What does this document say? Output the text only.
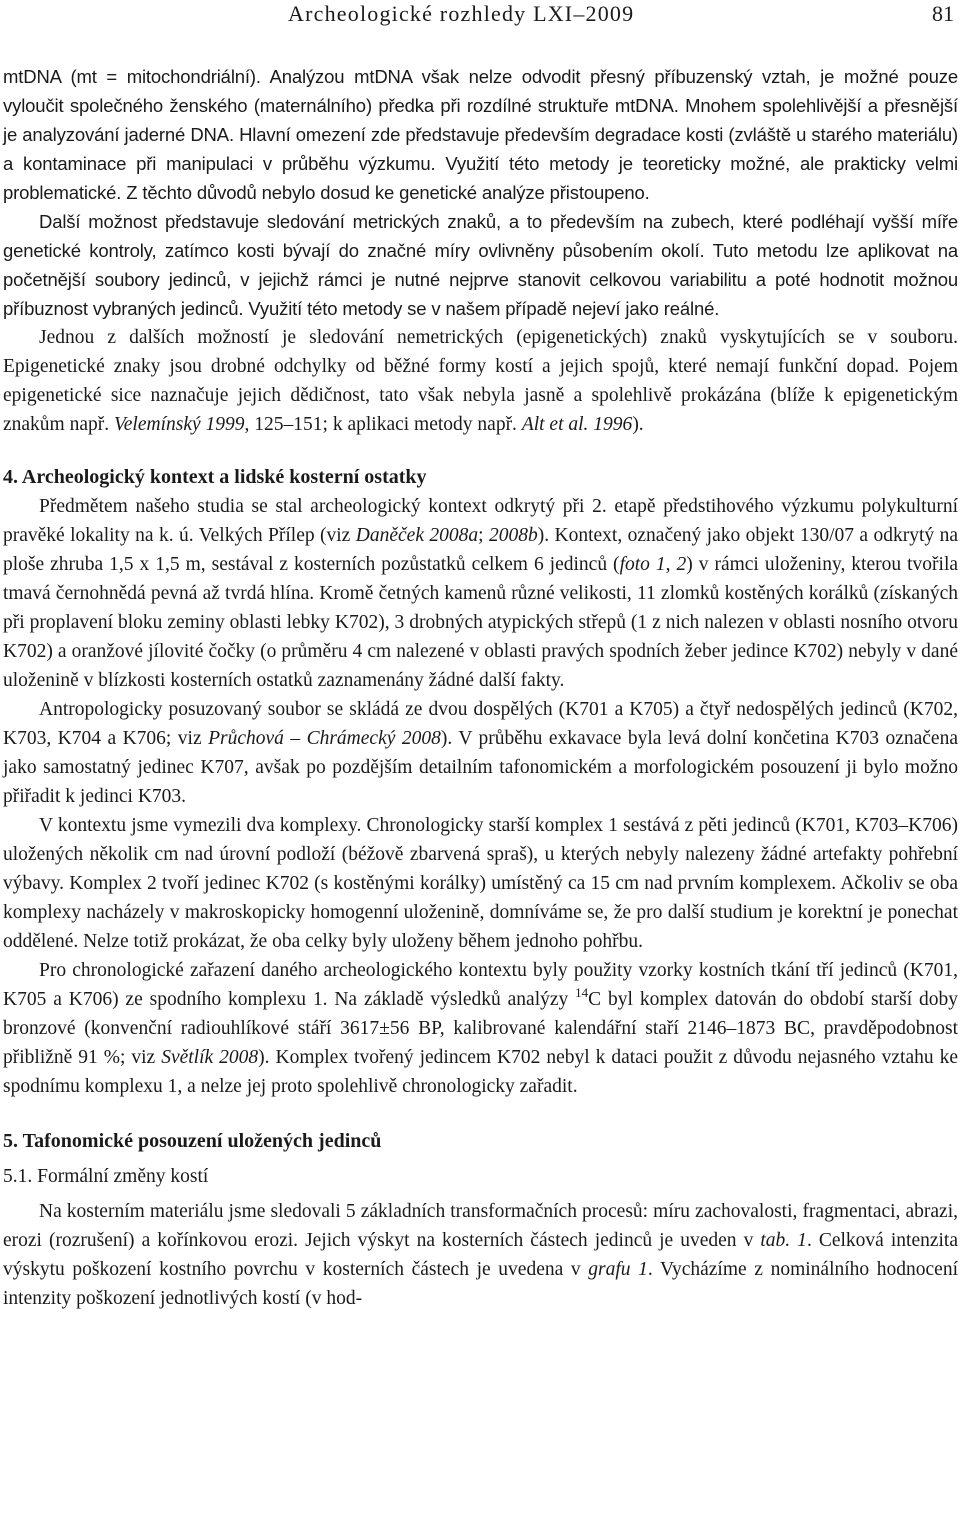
Archeologické rozhledy LXI–2009	81

mtDNA (mt = mitochondriální). Analýzou mtDNA však nelze odvodit přesný příbuzenský vztah, je možné pouze vyloučit společného ženského (maternálního) předka při rozdílné struktuře mtDNA. Mnohem spolehlivější a přesnější je analyzování jaderné DNA. Hlavní omezení zde představuje především degradace kosti (zvláště u starého materiálu) a kontaminace při manipulaci v průběhu výzkumu. Využití této metody je teoreticky možné, ale prakticky velmi problematické. Z těchto důvodů nebylo dosud ke genetické analýze přistoupeno.

Další možnost představuje sledování metrických znaků, a to především na zubech, které podléhají vyšší míře genetické kontroly, zatímco kosti bývají do značné míry ovlivněny působením okolí. Tuto metodu lze aplikovat na početnější soubory jedinců, v jejichž rámci je nutné nejprve stanovit celkovou variabilitu a poté hodnotit možnou příbuznost vybraných jedinců. Využití této metody se v našem případě nejeví jako reálné.

Jednou z dalších možností je sledování nemetrických (epigenetických) znaků vyskytujících se v souboru. Epigenetické znaky jsou drobné odchylky od běžné formy kostí a jejich spojů, které nemají funkční dopad. Pojem epigenetické sice naznačuje jejich dědičnost, tato však nebyla jasně a spolehlivě prokázána (blíže k epigenetickým znakům např. Velemínský 1999, 125–151; k aplikaci metody např. Alt et al. 1996).

4. Archeologický kontext a lidské kosterní ostatky

Předmětem našeho studia se stal archeologický kontext odkrytý při 2. etapě předstihového výzkumu polykulturní pravěké lokality na k. ú. Velkých Přílep (viz Daněček 2008a; 2008b). Kontext, označený jako objekt 130/07 a odkrytý na ploše zhruba 1,5 x 1,5 m, sestával z kosterních pozůstatků celkem 6 jedinců (foto 1, 2) v rámci uloženiny, kterou tvořila tmavá černohnědá pevná až tvrdá hlína. Kromě četných kamenů různé velikosti, 11 zlomků kostěných korálků (získaných při proplavení bloku zeminy oblasti lebky K702), 3 drobných atypických střepů (1 z nich nalezen v oblasti nosního otvoru K702) a oranžové jílovité čočky (o průměru 4 cm nalezené v oblasti pravých spodních žeber jedince K702) nebyly v dané uloženině v blízkosti kosterních ostatků zaznamenány žádné další fakty.

Antropologicky posuzovaný soubor se skládá ze dvou dospělých (K701 a K705) a čtyř nedospělých jedinců (K702, K703, K704 a K706; viz Průchová – Chrámecký 2008). V průběhu exkavace byla levá dolní končetina K703 označena jako samostatný jedinec K707, avšak po pozdějším detailním tafonomickém a morfologickém posouzení ji bylo možno přiřadit k jedinci K703.

V kontextu jsme vymezili dva komplexy. Chronologicky starší komplex 1 sestává z pěti jedinců (K701, K703–K706) uložených několik cm nad úrovní podloží (béžově zbarvená spraš), u kterých nebyly nalezeny žádné artefakty pohřební výbavy. Komplex 2 tvoří jedinec K702 (s kostěnými korálky) umístěný ca 15 cm nad prvním komplexem. Ačkoliv se oba komplexy nacházely v makroskopicky homogenní uloženině, domníváme se, že pro další studium je korektní je ponechat oddělené. Nelze totiž prokázat, že oba celky byly uloženy během jednoho pohřbu.

Pro chronologické zařazení daného archeologického kontextu byly použity vzorky kostních tkání tří jedinců (K701, K705 a K706) ze spodního komplexu 1. Na základě výsledků analýzy $^{14}$C byl komplex datován do období starší doby bronzové (konvenční radiouhlíkové stáří 3617±56 BP, kalibrované kalendářní staří 2146–1873 BC, pravděpodobnost přibližně 91 %; viz Světlík 2008). Komplex tvořený jedincem K702 nebyl k dataci použit z důvodu nejasného vztahu ke spodnímu komplexu 1, a nelze jej proto spolehlivě chronologicky zařadit.

5. Tafonomické posouzení uložených jedinců

5.1. Formální změny kostí

Na kosterním materiálu jsme sledovali 5 základních transformačních procesů: míru zachovalosti, fragmentaci, abrazi, erozi (rozrušení) a kořínkovou erozi. Jejich výskyt na kosterních částech jedinců je uveden v tab. 1. Celková intenzita výskytu poškození kostního povrchu v kosterních částech je uvedena v grafu 1. Vycházíme z nominálního hodnocení intenzity poškození jednotlivých kostí (v hod-
